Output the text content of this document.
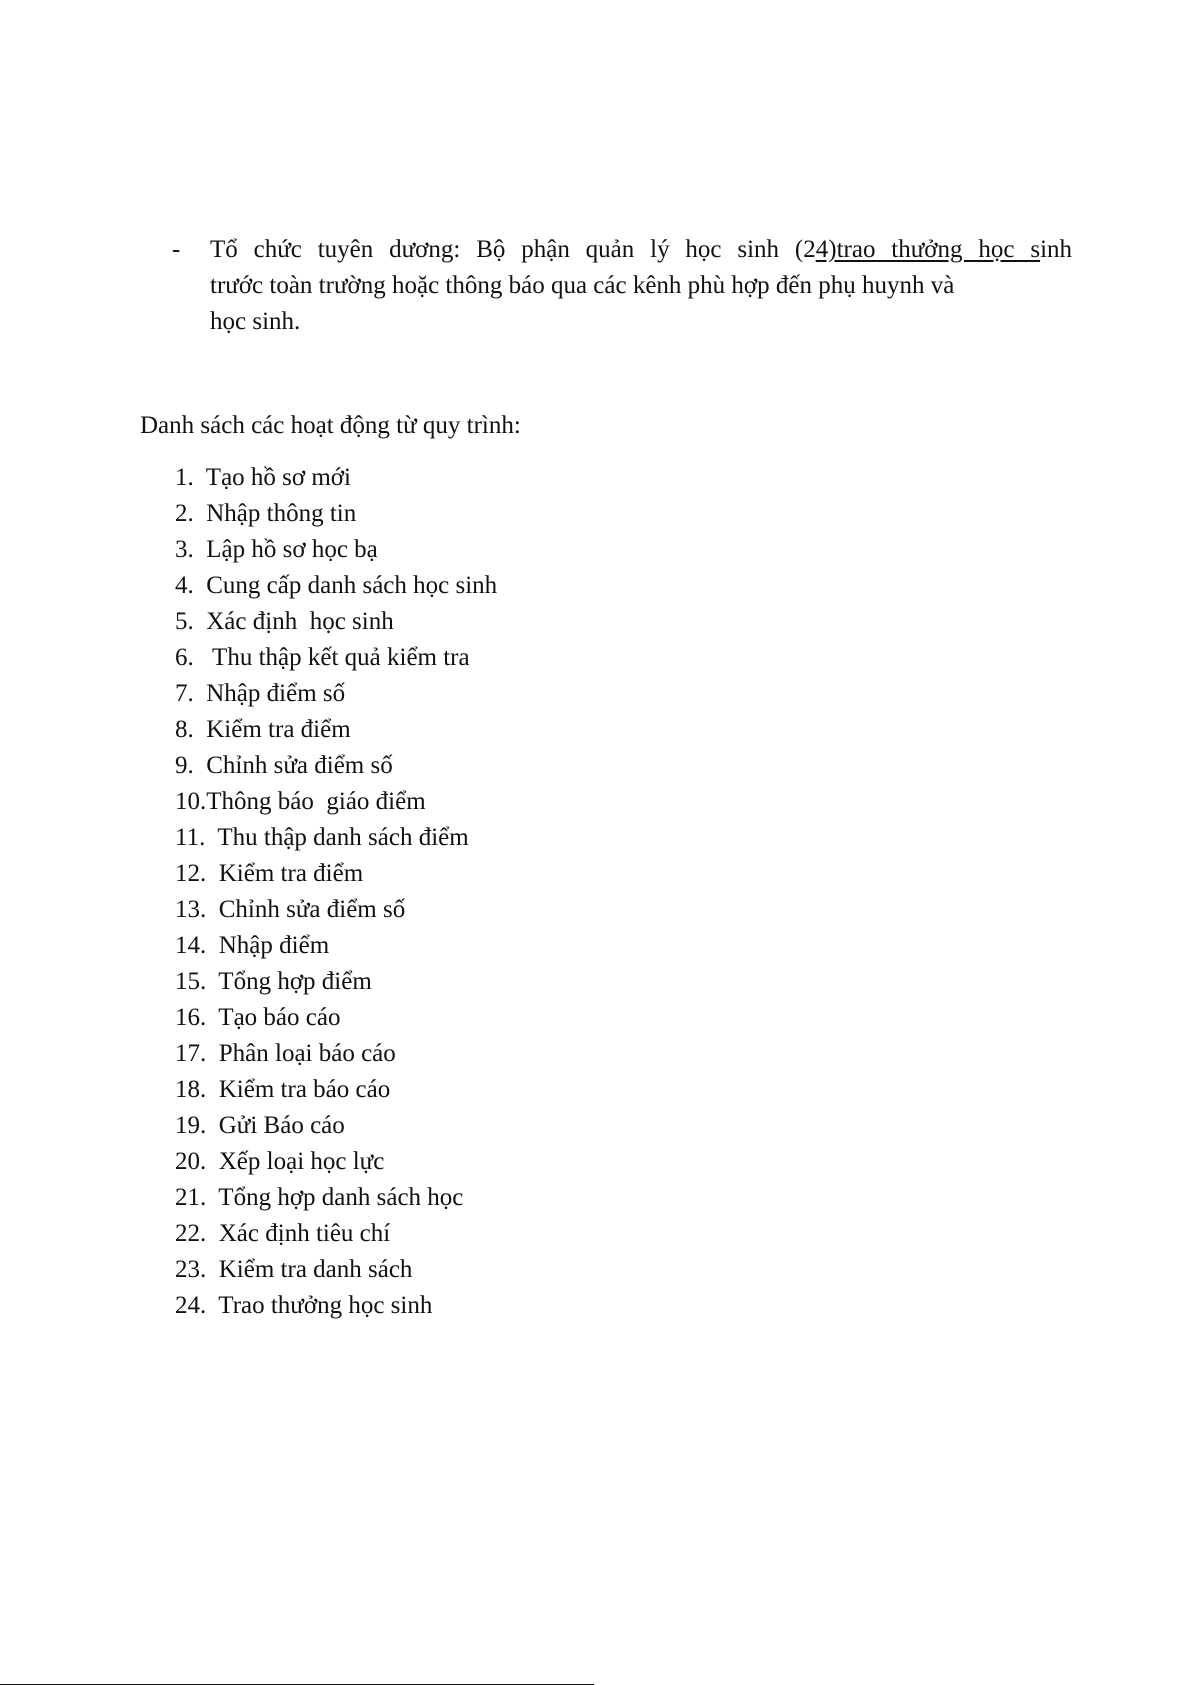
- Tổ chức tuyên dương: Bộ phận quản lý học sinh (24)trao thưởng học sinh
trước toàn trường hoặc thông báo qua các kênh phù hợp đến phụ huynh và
học sinh.
Danh sách các hoạt động từ quy trình:
1.  Tạo hồ sơ mới
2.  Nhập thông tin
3.  Lập hồ sơ học bạ
4.  Cung cấp danh sách học sinh
5.  Xác định  học sinh
6.   Thu thập kết quả kiểm tra
7.  Nhập điểm số
8.  Kiểm tra điểm
9.  Chỉnh sửa điểm số
10.Thông báo  giáo điểm
11.  Thu thập danh sách điểm
12.  Kiểm tra điểm
13.  Chỉnh sửa điểm số
14.  Nhập điểm
15.  Tổng hợp điểm
16.  Tạo báo cáo
17.  Phân loại báo cáo
18.  Kiểm tra báo cáo
19.  Gửi Báo cáo
20.  Xếp loại học lực
21.  Tổng hợp danh sách học
22.  Xác định tiêu chí
23.  Kiểm tra danh sách
24.  Trao thưởng học sinh
